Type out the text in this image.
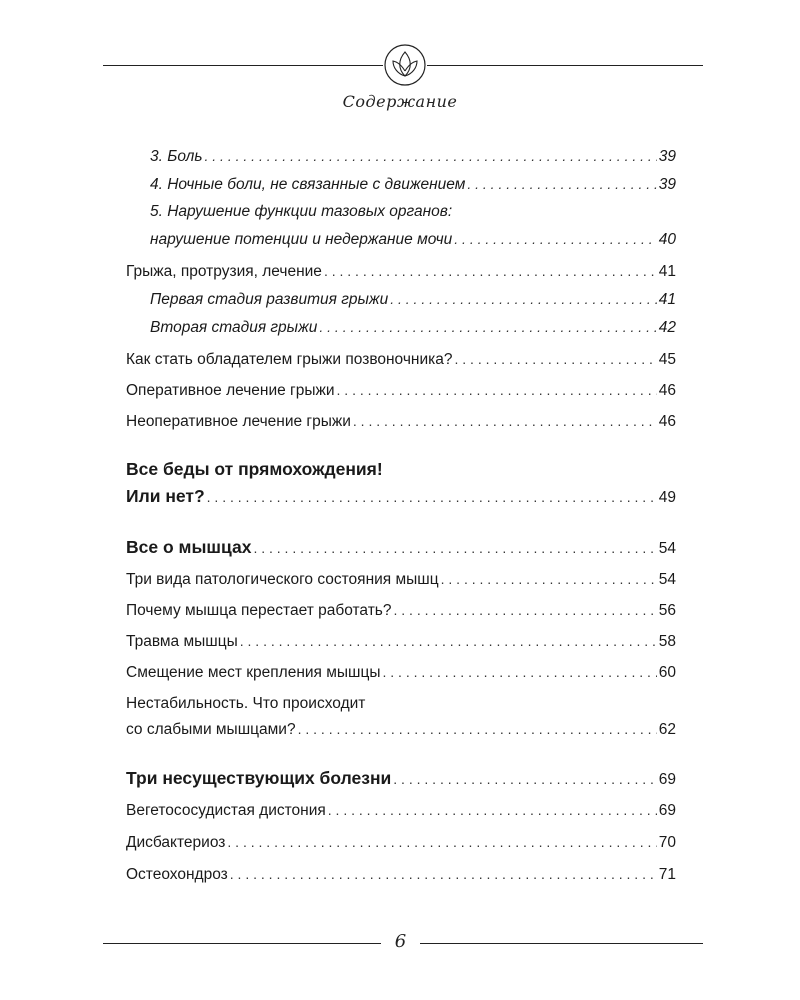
Содержание
3. Боль . . .	39
4. Ночные боли, не связанные с движением . . .	39
5. Нарушение функции тазовых органов:
нарушение потенции и недержание мочи . . .	40
Грыжа, протрузия, лечение . . .	41
Первая стадия развития грыжи . . .	41
Вторая стадия грыжи . . .	42
Как стать обладателем грыжи позвоночника? . . .	45
Оперативное лечение грыжи . . .	46
Неоперативное лечение грыжи . . .	46
Все беды от прямохождения!
Или нет? . . .	49
Все о мышцах . . .	54
Три вида патологического состояния мышц . . .	54
Почему мышца перестает работать? . . .	56
Травма мышцы . . .	58
Смещение мест крепления мышцы . . .	60
Нестабильность. Что происходит
со слабыми мышцами? . . .	62
Три несуществующих болезни . . .	69
Вегетососудистая дистония . . .	69
Дисбактериоз . . .	70
Остеохондроз . . .	71
6
